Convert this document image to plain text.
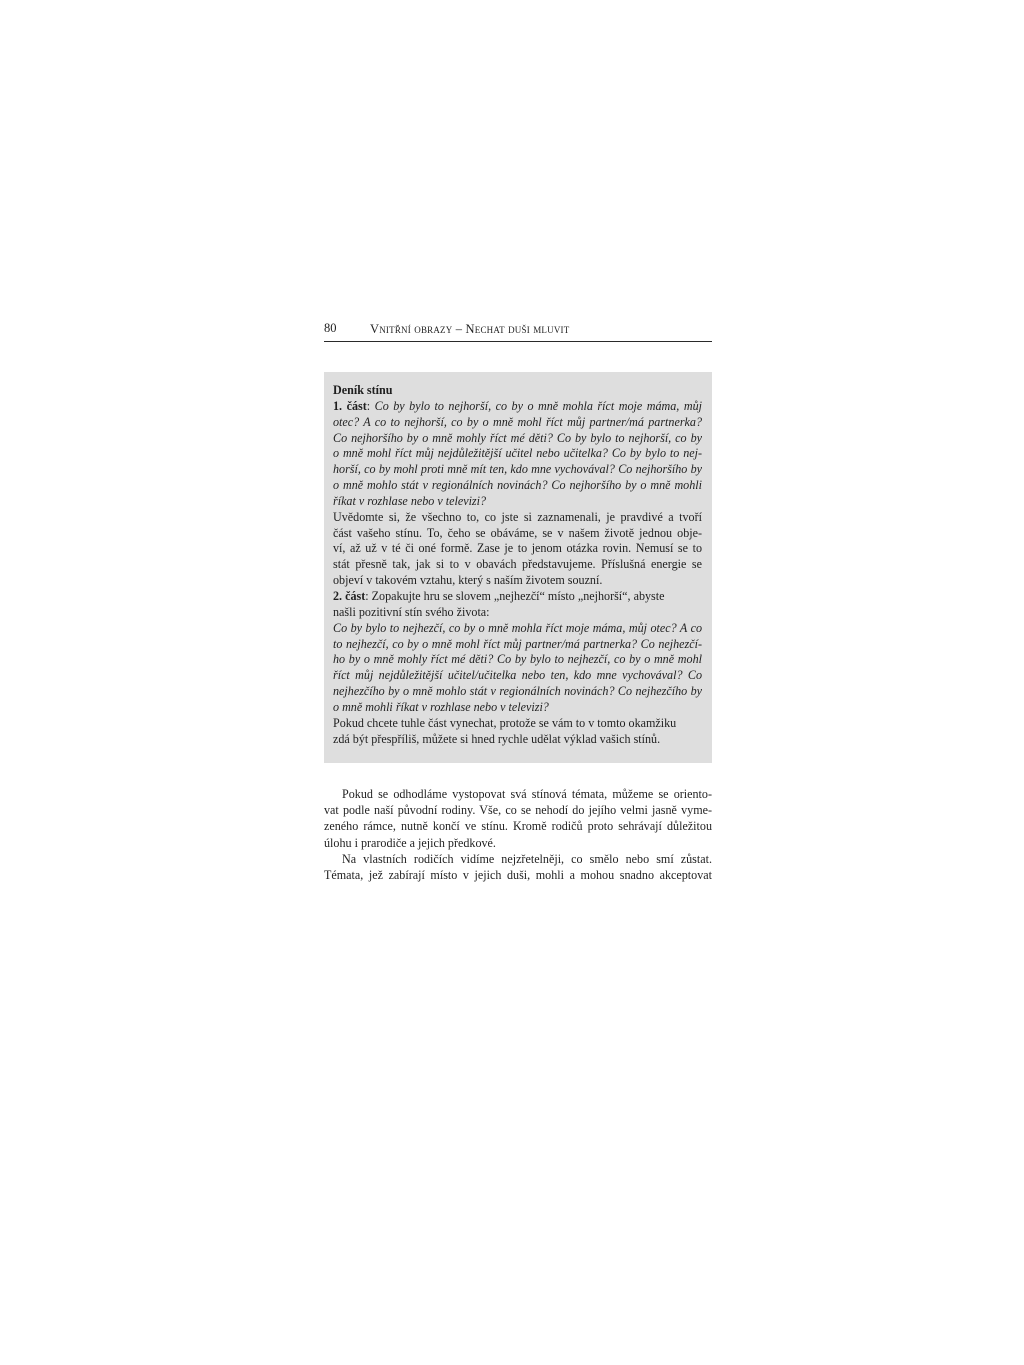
80	Vnitřní obrazy – Nechat duši mluvit

Deník stínu
1. část: Co by bylo to nejhorší, co by o mně mohla říct moje máma, můj
otec? A co to nejhorší, co by o mně mohl říct můj partner/má partnerka?
Co nejhoršího by o mně mohly říct mé děti? Co by bylo to nejhorší, co by
o mně mohl říct můj nejdůležitější učitel nebo učitelka? Co by bylo to nej-
horší, co by mohl proti mně mít ten, kdo mne vychovával? Co nejhoršího by
o mně mohlo stát v regionálních novinách? Co nejhoršího by o mně mohli
říkat v rozhlase nebo v televizi?
Uvědomte si, že všechno to, co jste si zaznamenali, je pravdivé a tvoří
část vašeho stínu. To, čeho se obáváme, se v našem životě jednou obje-
ví, až už v té či oné formě. Zase je to jenom otázka rovin. Nemusí se to
stát přesně tak, jak si to v obavách představujeme. Příslušná energie se
objeví v takovém vztahu, který s naším životem souzní.
2. část: Zopakujte hru se slovem „nejhezčí“ místo „nejhorší“, abyste
našli pozitivní stín svého života:
Co by bylo to nejhezčí, co by o mně mohla říct moje máma, můj otec? A co
to nejhezčí, co by o mně mohl říct můj partner/má partnerka? Co nejhezčí-
ho by o mně mohly říct mé děti? Co by bylo to nejhezčí, co by o mně mohl
říct můj nejdůležitější učitel/učitelka nebo ten, kdo mne vychovával? Co
nejhezčího by o mně mohlo stát v regionálních novinách? Co nejhezčího by
o mně mohli říkat v rozhlase nebo v televizi?
Pokud chcete tuhle část vynechat, protože se vám to v tomto okamžiku
zdá být přespříliš, můžete si hned rychle udělat výklad vašich stínů.

Pokud se odhodláme vystopovat svá stínová témata, můžeme se oriento-
vat podle naší původní rodiny. Vše, co se nehodí do jejího velmi jasně vyme-
zeného rámce, nutně končí ve stínu. Kromě rodičů proto sehrávají důležitou
úlohu i prarodiče a jejich předkové.
Na vlastních rodičích vidíme nejzřetelněji, co smělo nebo smí zůstat.
Témata, jež zabírají místo v jejich duši, mohli a mohou snadno akceptovat
